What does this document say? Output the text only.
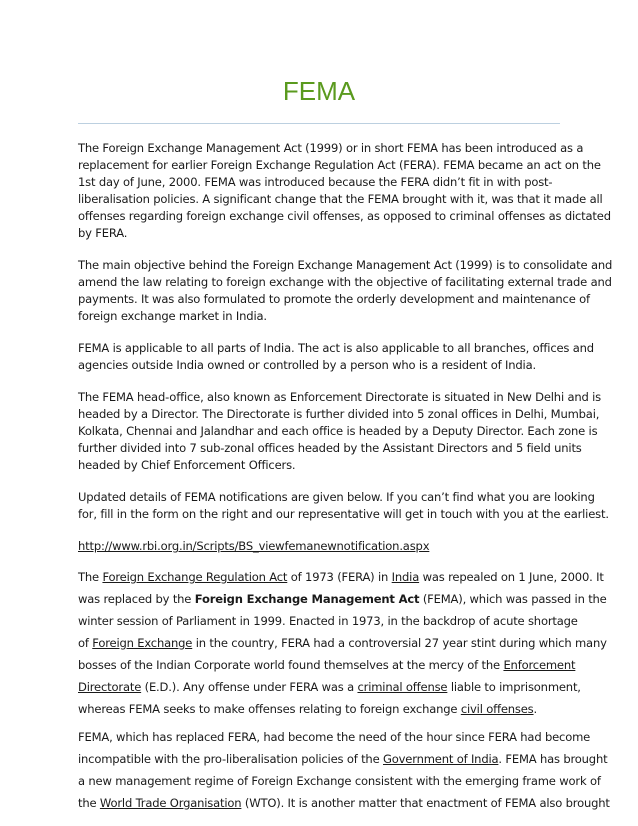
FEMA

The Foreign Exchange Management Act (1999) or in short FEMA has been introduced as a
replacement for earlier Foreign Exchange Regulation Act (FERA). FEMA became an act on the
1st day of June, 2000. FEMA was introduced because the FERA didn’t fit in with post-
liberalisation policies. A significant change that the FEMA brought with it, was that it made all
offenses regarding foreign exchange civil offenses, as opposed to criminal offenses as dictated
by FERA.

The main objective behind the Foreign Exchange Management Act (1999) is to consolidate and
amend the law relating to foreign exchange with the objective of facilitating external trade and
payments. It was also formulated to promote the orderly development and maintenance of
foreign exchange market in India.

FEMA is applicable to all parts of India. The act is also applicable to all branches, offices and
agencies outside India owned or controlled by a person who is a resident of India.

The FEMA head-office, also known as Enforcement Directorate is situated in New Delhi and is
headed by a Director. The Directorate is further divided into 5 zonal offices in Delhi, Mumbai,
Kolkata, Chennai and Jalandhar and each office is headed by a Deputy Director. Each zone is
further divided into 7 sub-zonal offices headed by the Assistant Directors and 5 field units
headed by Chief Enforcement Officers.

Updated details of FEMA notifications are given below. If you can’t find what you are looking
for, fill in the form on the right and our representative will get in touch with you at the earliest.

http://www.rbi.org.in/Scripts/BS_viewfemanewnotification.aspx

The Foreign Exchange Regulation Act of 1973 (FERA) in India was repealed on 1 June, 2000. It
was replaced by the Foreign Exchange Management Act (FEMA), which was passed in the
winter session of Parliament in 1999. Enacted in 1973, in the backdrop of acute shortage
of Foreign Exchange in the country, FERA had a controversial 27 year stint during which many
bosses of the Indian Corporate world found themselves at the mercy of the Enforcement
Directorate (E.D.). Any offense under FERA was a criminal offense liable to imprisonment,
whereas FEMA seeks to make offenses relating to foreign exchange civil offenses.

FEMA, which has replaced FERA, had become the need of the hour since FERA had become
incompatible with the pro-liberalisation policies of the Government of India. FEMA has brought
a new management regime of Foreign Exchange consistent with the emerging frame work of
the World Trade Organisation (WTO). It is another matter that enactment of FEMA also brought
